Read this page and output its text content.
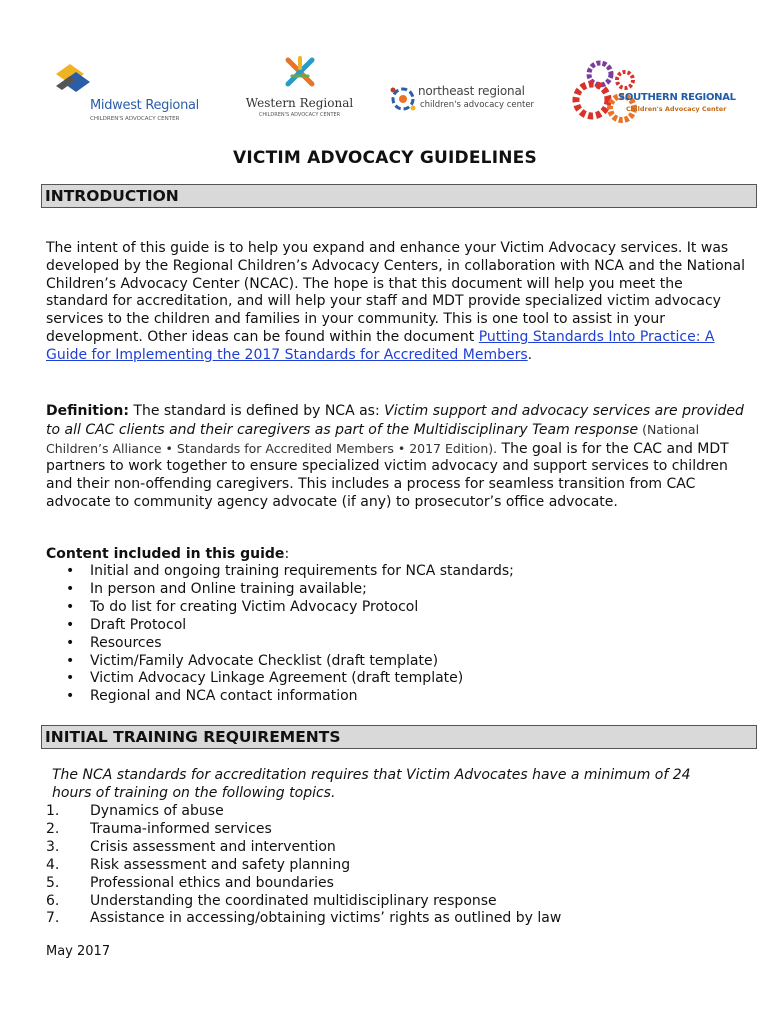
Midwest Regional
CHILDREN'S ADVOCACY CENTER
Western Regional
CHILDREN'S ADVOCACY CENTER
northeast regional
children's advocacy center
SOUTHERN REGIONAL
Children's Advocacy Center
VICTIM ADVOCACY GUIDELINES
INTRODUCTION
The intent of this guide is to help you expand and enhance your Victim Advocacy services. It was developed by the Regional Children’s Advocacy Centers, in collaboration with NCA and the National Children’s Advocacy Center (NCAC). The hope is that this document will help you meet the standard for accreditation, and will help your staff and MDT provide specialized victim advocacy services to the children and families in your community. This is one tool to assist in your development. Other ideas can be found within the document Putting Standards Into Practice: A Guide for Implementing the 2017 Standards for Accredited Members.
Definition: The standard is defined by NCA as: Victim support and advocacy services are provided to all CAC clients and their caregivers as part of the Multidisciplinary Team response (National Children’s Alliance • Standards for Accredited Members • 2017 Edition). The goal is for the CAC and MDT partners to work together to ensure specialized victim advocacy and support services to children and their non-offending caregivers. This includes a process for seamless transition from CAC advocate to community agency advocate (if any) to prosecutor’s office advocate.
Content included in this guide:
• Initial and ongoing training requirements for NCA standards;
• In person and Online training available;
• To do list for creating Victim Advocacy Protocol
• Draft Protocol
• Resources
• Victim/Family Advocate Checklist (draft template)
• Victim Advocacy Linkage Agreement (draft template)
• Regional and NCA contact information
INITIAL TRAINING REQUIREMENTS
The NCA standards for accreditation requires that Victim Advocates have a minimum of 24 hours of training on the following topics.
1. Dynamics of abuse
2. Trauma-informed services
3. Crisis assessment and intervention
4. Risk assessment and safety planning
5. Professional ethics and boundaries
6. Understanding the coordinated multidisciplinary response
7. Assistance in accessing/obtaining victims’ rights as outlined by law
May 2017
